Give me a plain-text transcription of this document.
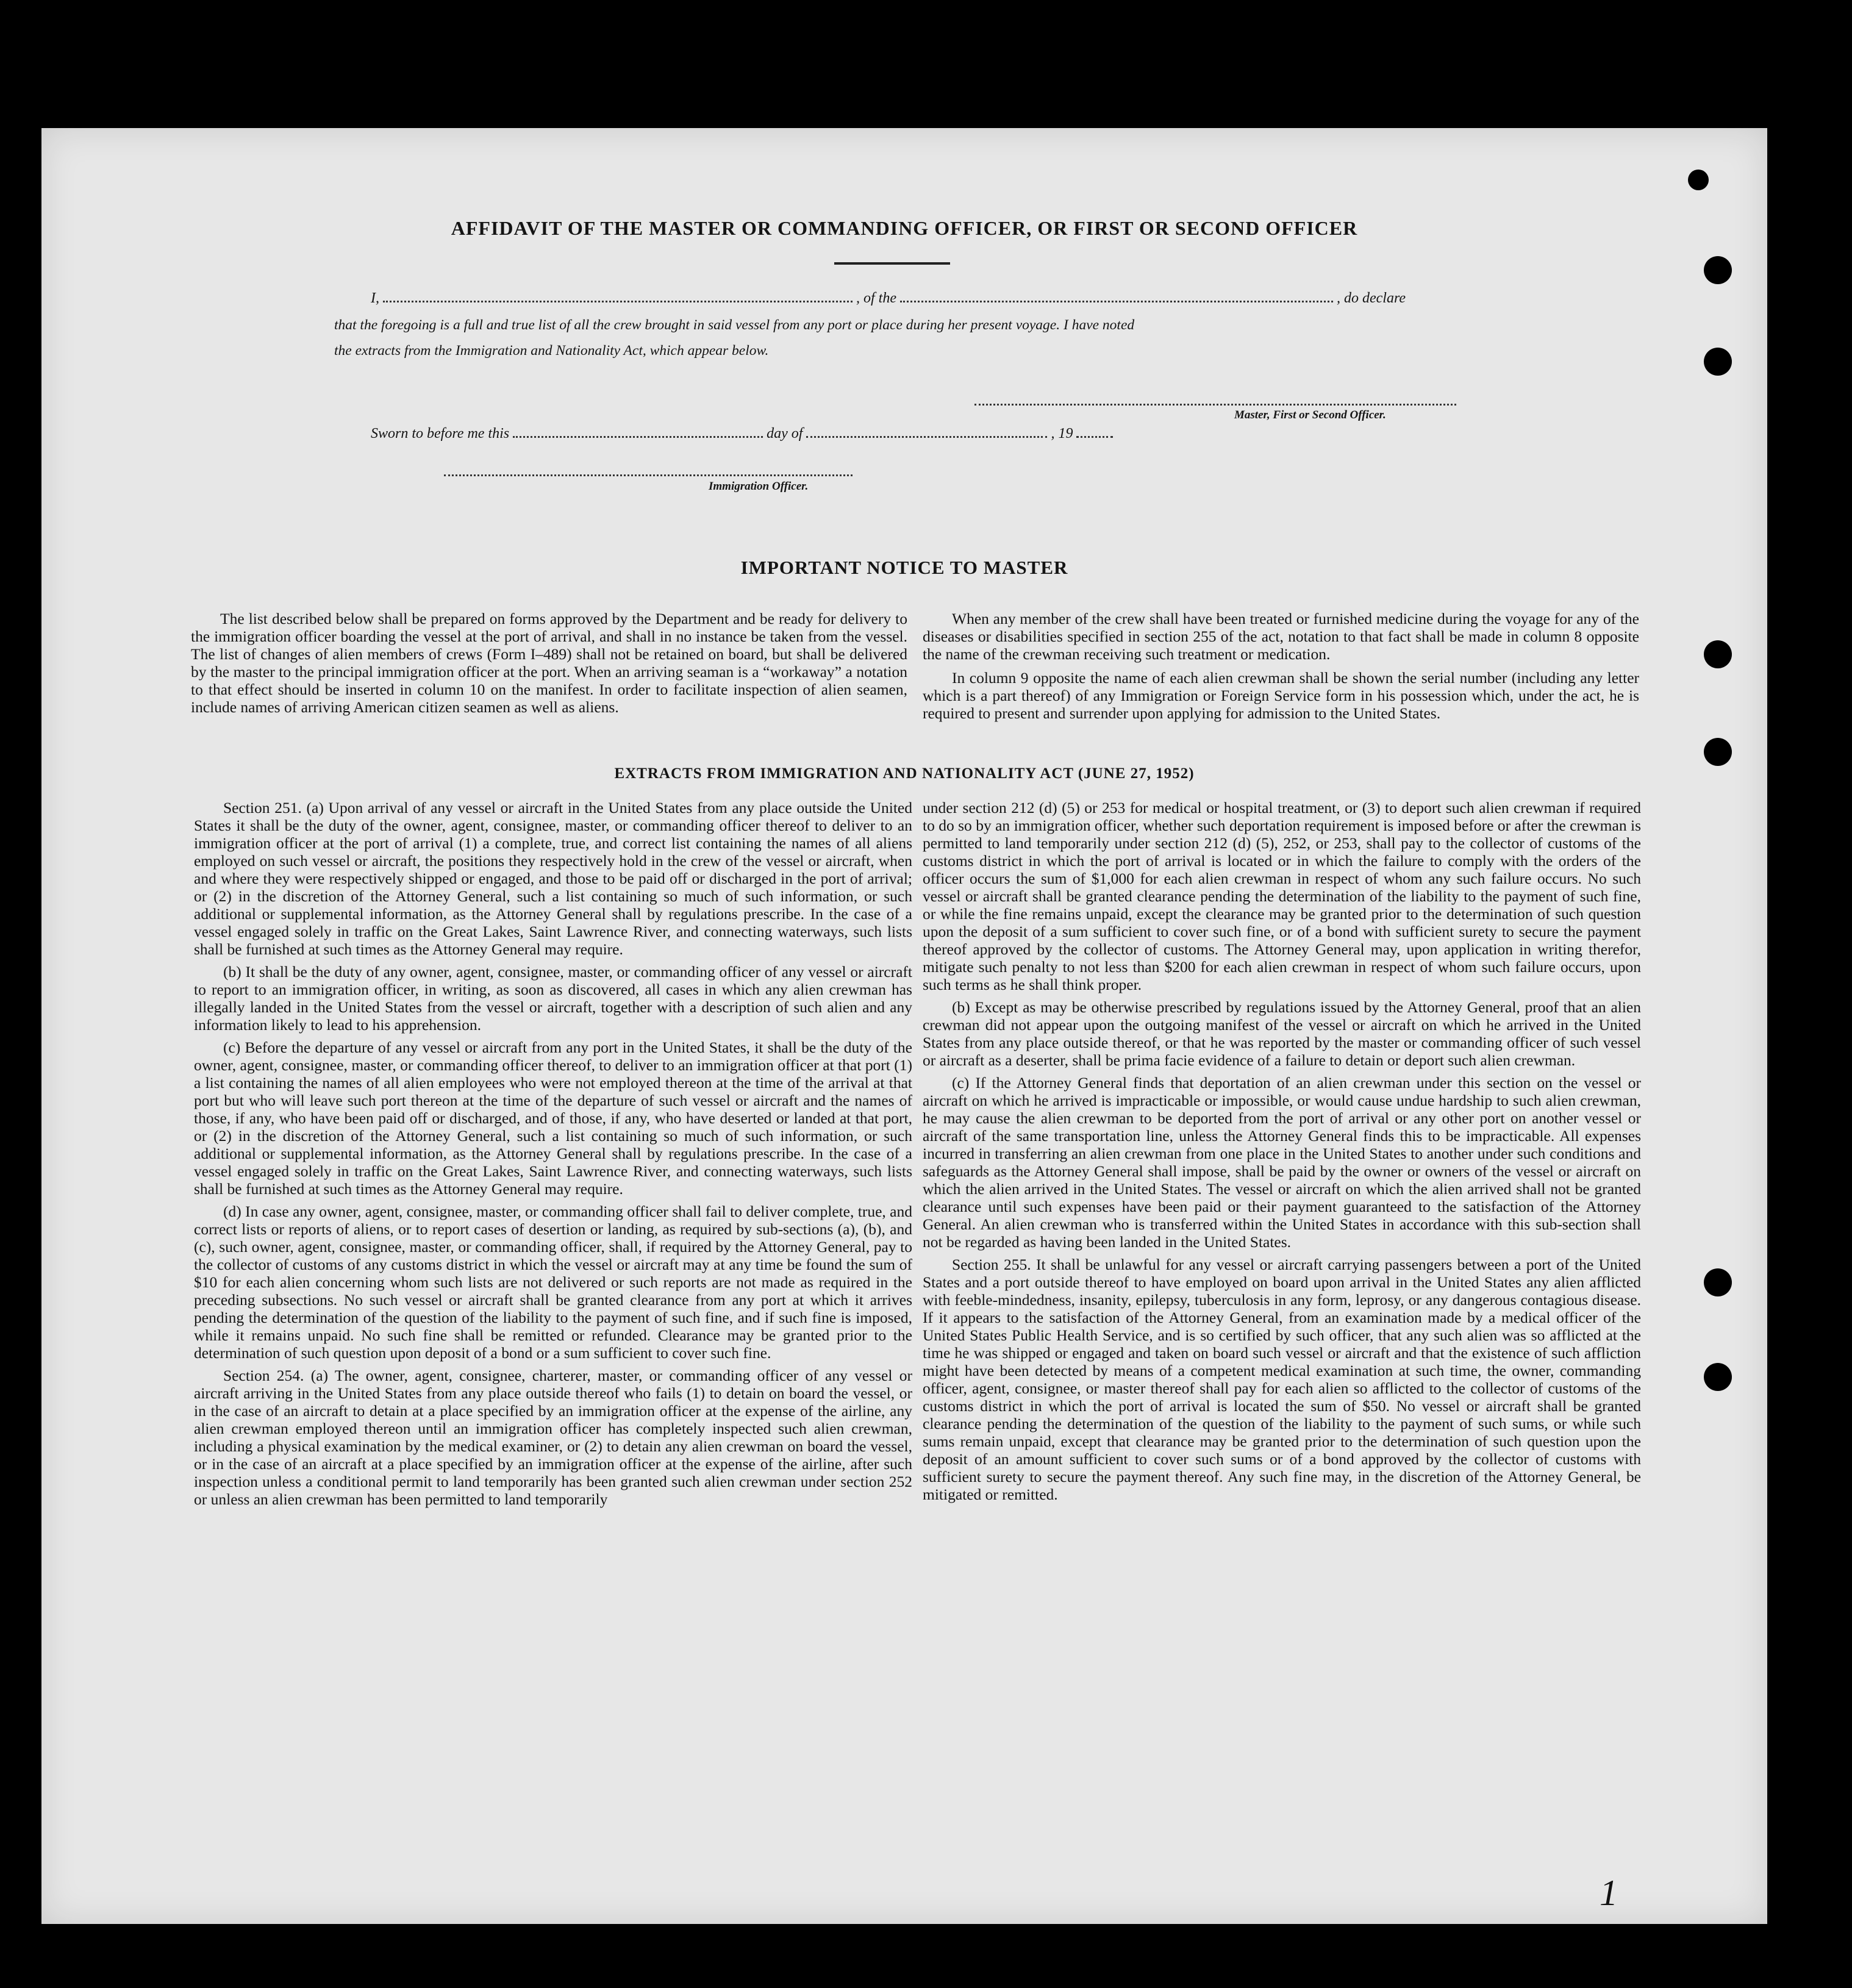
AFFIDAVIT OF THE MASTER OR COMMANDING OFFICER, OR FIRST OR SECOND OFFICER
I,	, of the	, do declare
that the foregoing is a full and true list of all the crew brought in said vessel from any port or place during her present voyage. I have noted
the extracts from the Immigration and Nationality Act, which appear below.
Master, First or Second Officer.
Sworn to before me this	day of	, 19
Immigration Officer.
IMPORTANT NOTICE TO MASTER

The list described below shall be prepared on forms approved by the Department and be ready for delivery to the immigration officer boarding the vessel at the port of arrival, and shall in no instance be taken from the vessel. The list of changes of alien members of crews (Form I–489) shall not be retained on board, but shall be delivered by the master to the principal immigration officer at the port. When an arriving seaman is a “workaway” a notation to that effect should be inserted in column 10 on the manifest. In order to facilitate inspection of alien seamen, include names of arriving American citizen seamen as well as aliens.

When any member of the crew shall have been treated or furnished medicine during the voyage for any of the diseases or disabilities specified in section 255 of the act, notation to that fact shall be made in column 8 opposite the name of the crewman receiving such treatment or medication.

In column 9 opposite the name of each alien crewman shall be shown the serial number (including any letter which is a part thereof) of any Immigration or Foreign Service form in his possession which, under the act, he is required to present and surrender upon applying for admission to the United States.

EXTRACTS FROM IMMIGRATION AND NATIONALITY ACT (JUNE 27, 1952)

Section 251. (a) Upon arrival of any vessel or aircraft in the United States from any place outside the United States it shall be the duty of the owner, agent, consignee, master, or commanding officer thereof to deliver to an immigration officer at the port of arrival (1) a complete, true, and correct list containing the names of all aliens employed on such vessel or aircraft, the positions they respectively hold in the crew of the vessel or aircraft, when and where they were respectively shipped or engaged, and those to be paid off or discharged in the port of arrival; or (2) in the discretion of the Attorney General, such a list containing so much of such information, or such additional or supplemental information, as the Attorney General shall by regulations prescribe. In the case of a vessel engaged solely in traffic on the Great Lakes, Saint Lawrence River, and connecting waterways, such lists shall be furnished at such times as the Attorney General may require.

(b) It shall be the duty of any owner, agent, consignee, master, or commanding officer of any vessel or aircraft to report to an immigration officer, in writing, as soon as discovered, all cases in which any alien crewman has illegally landed in the United States from the vessel or aircraft, together with a description of such alien and any information likely to lead to his apprehension.

(c) Before the departure of any vessel or aircraft from any port in the United States, it shall be the duty of the owner, agent, consignee, master, or commanding officer thereof, to deliver to an immigration officer at that port (1) a list containing the names of all alien employees who were not employed thereon at the time of the arrival at that port but who will leave such port thereon at the time of the departure of such vessel or aircraft and the names of those, if any, who have been paid off or discharged, and of those, if any, who have deserted or landed at that port, or (2) in the discretion of the Attorney General, such a list containing so much of such information, or such additional or supplemental information, as the Attorney General shall by regulations prescribe. In the case of a vessel engaged solely in traffic on the Great Lakes, Saint Lawrence River, and connecting waterways, such lists shall be furnished at such times as the Attorney General may require.

(d) In case any owner, agent, consignee, master, or commanding officer shall fail to deliver complete, true, and correct lists or reports of aliens, or to report cases of desertion or landing, as required by sub-sections (a), (b), and (c), such owner, agent, consignee, master, or commanding officer, shall, if required by the Attorney General, pay to the collector of customs of any customs district in which the vessel or aircraft may at any time be found the sum of $10 for each alien concerning whom such lists are not delivered or such reports are not made as required in the preceding subsections. No such vessel or aircraft shall be granted clearance from any port at which it arrives pending the determination of the question of the liability to the payment of such fine, and if such fine is imposed, while it remains unpaid. No such fine shall be remitted or refunded. Clearance may be granted prior to the determination of such question upon deposit of a bond or a sum sufficient to cover such fine.

Section 254. (a) The owner, agent, consignee, charterer, master, or commanding officer of any vessel or aircraft arriving in the United States from any place outside thereof who fails (1) to detain on board the vessel, or in the case of an aircraft to detain at a place specified by an immigration officer at the expense of the airline, any alien crewman employed thereon until an immigration officer has completely inspected such alien crewman, including a physical examination by the medical examiner, or (2) to detain any alien crewman on board the vessel, or in the case of an aircraft at a place specified by an immigration officer at the expense of the airline, after such inspection unless a conditional permit to land temporarily has been granted such alien crewman under section 252 or unless an alien crewman has been permitted to land temporarily

under section 212 (d) (5) or 253 for medical or hospital treatment, or (3) to deport such alien crewman if required to do so by an immigration officer, whether such deportation requirement is imposed before or after the crewman is permitted to land temporarily under section 212 (d) (5), 252, or 253, shall pay to the collector of customs of the customs district in which the port of arrival is located or in which the failure to comply with the orders of the officer occurs the sum of $1,000 for each alien crewman in respect of whom any such failure occurs. No such vessel or aircraft shall be granted clearance pending the determination of the liability to the payment of such fine, or while the fine remains unpaid, except the clearance may be granted prior to the determination of such question upon the deposit of a sum sufficient to cover such fine, or of a bond with sufficient surety to secure the payment thereof approved by the collector of customs. The Attorney General may, upon application in writing therefor, mitigate such penalty to not less than $200 for each alien crewman in respect of whom such failure occurs, upon such terms as he shall think proper.

(b) Except as may be otherwise prescribed by regulations issued by the Attorney General, proof that an alien crewman did not appear upon the outgoing manifest of the vessel or aircraft on which he arrived in the United States from any place outside thereof, or that he was reported by the master or commanding officer of such vessel or aircraft as a deserter, shall be prima facie evidence of a failure to detain or deport such alien crewman.

(c) If the Attorney General finds that deportation of an alien crewman under this section on the vessel or aircraft on which he arrived is impracticable or impossible, or would cause undue hardship to such alien crewman, he may cause the alien crewman to be deported from the port of arrival or any other port on another vessel or aircraft of the same transportation line, unless the Attorney General finds this to be impracticable. All expenses incurred in transferring an alien crewman from one place in the United States to another under such conditions and safeguards as the Attorney General shall impose, shall be paid by the owner or owners of the vessel or aircraft on which the alien arrived in the United States. The vessel or aircraft on which the alien arrived shall not be granted clearance until such expenses have been paid or their payment guaranteed to the satisfaction of the Attorney General. An alien crewman who is transferred within the United States in accordance with this sub-section shall not be regarded as having been landed in the United States.

Section 255. It shall be unlawful for any vessel or aircraft carrying passengers between a port of the United States and a port outside thereof to have employed on board upon arrival in the United States any alien afflicted with feeble-mindedness, insanity, epilepsy, tuberculosis in any form, leprosy, or any dangerous contagious disease. If it appears to the satisfaction of the Attorney General, from an examination made by a medical officer of the United States Public Health Service, and is so certified by such officer, that any such alien was so afflicted at the time he was shipped or engaged and taken on board such vessel or aircraft and that the existence of such affliction might have been detected by means of a competent medical examination at such time, the owner, commanding officer, agent, consignee, or master thereof shall pay for each alien so afflicted to the collector of customs of the customs district in which the port of arrival is located the sum of $50. No vessel or aircraft shall be granted clearance pending the determination of the question of the liability to the payment of such sums, or while such sums remain unpaid, except that clearance may be granted prior to the determination of such question upon the deposit of an amount sufficient to cover such sums or of a bond approved by the collector of customs with sufficient surety to secure the payment thereof. Any such fine may, in the discretion of the Attorney General, be mitigated or remitted.

1
